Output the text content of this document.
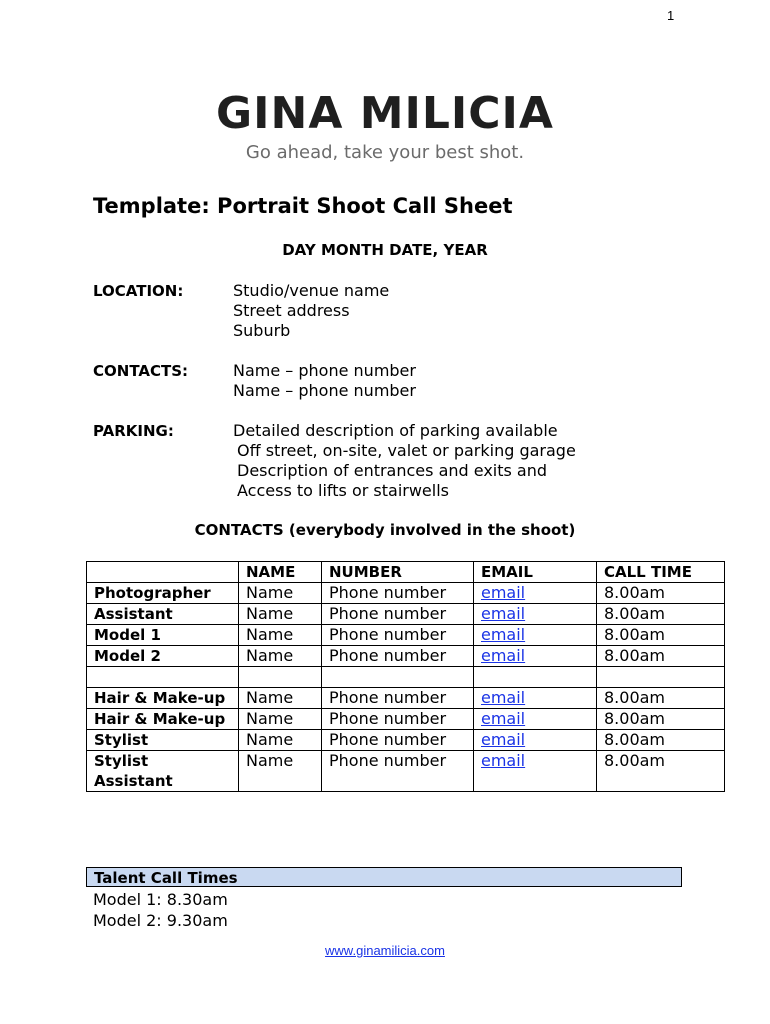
1
GINA MILICIA
Go ahead, take your best shot.
Template: Portrait Shoot Call Sheet
DAY MONTH DATE, YEAR
LOCATION:	Studio/venue name
Street address
Suburb
CONTACTS:	Name – phone number
Name – phone number
PARKING:	Detailed description of parking available
Off street, on-site, valet or parking garage
Description of entrances and exits and
Access to lifts or stairwells
CONTACTS (everybody involved in the shoot)
	NAME	NUMBER	EMAIL	CALL TIME
Photographer	Name	Phone number	email	8.00am
Assistant	Name	Phone number	email	8.00am
Model 1	Name	Phone number	email	8.00am
Model 2	Name	Phone number	email	8.00am

Hair & Make-up	Name	Phone number	email	8.00am
Hair & Make-up	Name	Phone number	email	8.00am
Stylist	Name	Phone number	email	8.00am
Stylist Assistant	Name	Phone number	email	8.00am
Talent Call Times
Model 1: 8.30am
Model 2: 9.30am
www.ginamilicia.com
